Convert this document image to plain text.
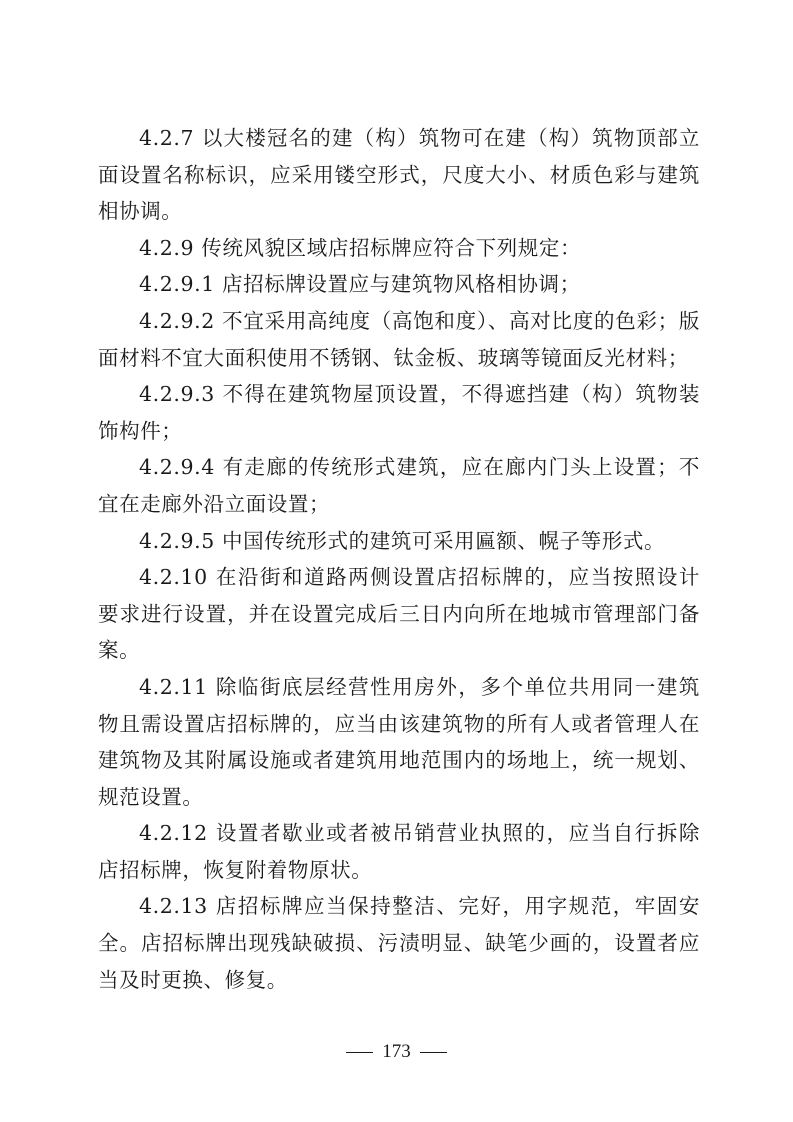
4.2.7 以大楼冠名的建（构）筑物可在建（构）筑物顶部立面设置名称标识，应采用镂空形式，尺度大小、材质色彩与建筑相协调。

4.2.9 传统风貌区域店招标牌应符合下列规定：

4.2.9.1 店招标牌设置应与建筑物风格相协调；

4.2.9.2 不宜采用高纯度（高饱和度）、高对比度的色彩；版面材料不宜大面积使用不锈钢、钛金板、玻璃等镜面反光材料；

4.2.9.3 不得在建筑物屋顶设置，不得遮挡建（构）筑物装饰构件；

4.2.9.4 有走廊的传统形式建筑，应在廊内门头上设置；不宜在走廊外沿立面设置；

4.2.9.5 中国传统形式的建筑可采用匾额、幌子等形式。

4.2.10 在沿街和道路两侧设置店招标牌的，应当按照设计要求进行设置，并在设置完成后三日内向所在地城市管理部门备案。

4.2.11 除临街底层经营性用房外，多个单位共用同一建筑物且需设置店招标牌的，应当由该建筑物的所有人或者管理人在建筑物及其附属设施或者建筑用地范围内的场地上，统一规划、规范设置。

4.2.12 设置者歇业或者被吊销营业执照的，应当自行拆除店招标牌，恢复附着物原状。

4.2.13 店招标牌应当保持整洁、完好，用字规范，牢固安全。店招标牌出现残缺破损、污渍明显、缺笔少画的，设置者应当及时更换、修复。

173
